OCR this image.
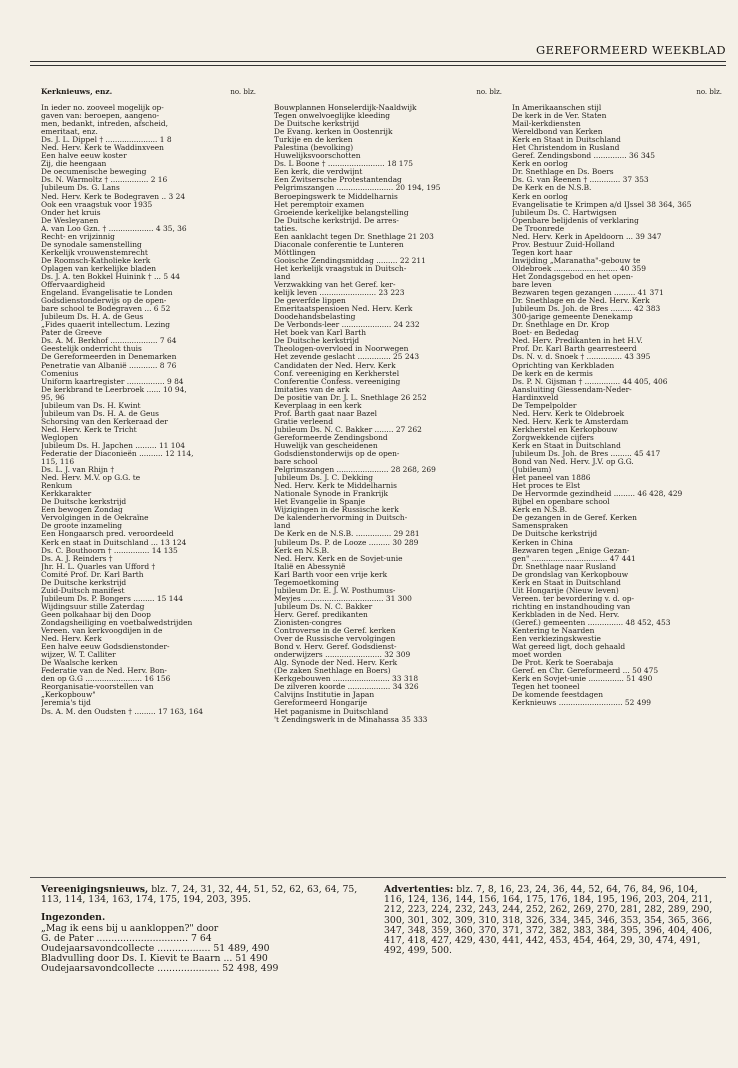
GEREFORMEERD WEEKBLAD
Kerknieuws, enz.	no. blz.
In ieder no. zooveel mogelijk op-
gaven van: beroepen, aangeno-
men, bedankt, intreden, afscheid,
emeritaat, enz.
Ds. J. L. Dippel † ...................... 1 8
Ned. Herv. Kerk te Waddinxveen
Een halve eeuw koster
Zij, die heengaan
De oecumenische beweging
Ds. N. Warmoltz † ................ 2 16
Jubileum Ds. G. Lans
Ned. Herv. Kerk te Bodegraven .. 3 24
Ook een vraagstuk voor 1935
Onder het kruis
De Wesleyanen
A. van Loo Gzn. † ................... 4 35, 36
Recht- en vrijzinnig
De synodale samenstelling
Kerkelijk vrouwenstemrecht
De Roomsch-Katholieke kerk
Oplagen van kerkelijke bladen
Ds. J. A. ten Bokkel Huinink † ... 5 44
Offervaardigheid
Engeland. Evangelisatie te Londen
Godsdienstonderwijs op de open-
bare school te Bodegraven ... 6 52
Jubileum Ds. H. A. de Geus
„Fides quaerit intellectum. Lezing
Pater de Greeve
Ds. A. M. Berkhof .................... 7 64
Geestelijk onderricht thuis
De Gereformeerden in Denemarken
Penetratie van Albanië ............ 8 76
Comenius
Uniform kaartregister ................ 9 84
De kerkbrand te Leerbroek ...... 10 94,
95, 96
Jubileum van Ds. H. Kwint
Jubileum van Ds. H. A. de Geus
Schorsing van den Kerkeraad der
Ned. Herv. Kerk te Tricht
Weglopen
Jubileum Ds. H. Japchen ......... 11 104
Federatie der Diaconieën .......... 12 114,
115, 116
Ds. L. J. van Rhijn †
Ned. Herv. M.V. op G.G. te
Renkum
Kerkkarakter
De Duitsche kerkstrijd
Een bewogen Zondag
Vervolgingen in de Oekraïne
De groote inzameling
Een Hongaarsch pred. veroordeeld
Kerk en staat in Duitschland ... 13 124
Ds. C. Bouthoorn † ............... 14 135
Ds. A. J. Reinders †
Jhr. H. L. Quarles van Ufford †
Comité Prof. Dr. Karl Barth
De Duitsche kerkstrijd
Zuid-Duitsch manifest
Jubileum Ds. P. Bongers ......... 15 144
Wijdingsuur stille Zaterdag
Geen polkahaar bij den Doop
Zondagsheiliging en voetbalwedstrijden
Vereen. van kerkvoogdijen in de
Ned. Herv. Kerk
Een halve eeuw Godsdienstonder-
wijzer, W. T. Calliter
De Waalsche kerken
Federatie van de Ned. Herv. Bon-
den op G.G ........................ 16 156
Reorganisatie-voorstellen van
„Kerkopbouw"
Jeremia's tijd
Ds. A. M. den Oudsten † ......... 17 163, 164
no. blz.
Bouwplannen Honselerdijk-Naaldwijk
Tegen onwelvoeglijke kleeding
De Duitsche kerkstrijd
De Evang. kerken in Oostenrijk
Turkije en de kerken
Palestina (bevolking)
Huwelijksvoorschotten
Ds. L Boone † ........................ 18 175
Een kerk, die verdwijnt
Een Zwitsersche Protestantendag
Pelgrimszangen ........................ 20 194, 195
Beroepingswerk te Middelharnis
Het peremptoir examen
Groeiende kerkelijke belangstelling
De Duitsche kerkstrijd. De arres-
taties.
Een aanklacht tegen Dr. Snethlage 21 203
Diaconale conferentie te Lunteren
Möttlingen
Gooische Zendingsmiddag ......... 22 211
Het kerkelijk vraagstuk in Duitsch-
land
Verzwakking van het Geref. ker-
kelijk leven ........................ 23 223
De geverfde lippen
Emeritaatspensioen Ned. Herv. Kerk
Doodehandsbelasting
De Verbonds-leer ..................... 24 232
Het boek van Karl Barth
De Duitsche kerkstrijd
Theologen-overvloed in Noorwegen
Het zevende geslacht .............. 25 243
Candidaten der Ned. Herv. Kerk
Conf. vereeniging en Kerkherstel
Conferentie Confess. vereeniging
Imitaties van de ark
De positie van Dr. J. L. Snethlage 26 252
Keverplaag in een kerk
Prof. Barth gaat naar Bazel
Gratie verleend
Jubileum Ds. N. C. Bakker ........ 27 262
Gereformeerde Zendingsbond
Huwelijk van gescheidenen
Godsdienstonderwijs op de open-
bare school
Pelgrimszangen ...................... 28 268, 269
Jubileum Ds. J. C. Dekking
Ned. Herv. Kerk te Middelharnis
Nationale Synode in Frankrijk
Het Evangelie in Spanje
Wijzigingen in de Russische kerk
De kalenderhervorming in Duitsch-
land
De Kerk en de N.S.B. ............... 29 281
Jubileum Ds. P. de Looze ......... 30 289
Kerk en N.S.B.
Ned. Herv. Kerk en de Sovjet-unie
Italië en Abessynië
Karl Barth voor een vrije kerk
Tegemoetkoming
Jubileum Dr. E. J. W. Posthumus-
Meyjes .................................. 31 300
Jubileum Ds. N. C. Bakker
Herv. Geref. predikanten
Zionisten-congres
Controverse in de Geref. kerken
Over de Russische vervolgingen
Bond v. Herv. Geref. Godsdienst-
onderwijzers ........................ 32 309
Alg. Synode der Ned. Herv. Kerk
(De zaken Snethlage en Boers)
Kerkgebouwen ........................ 33 318
De zilveren koorde .................. 34 326
Calvijns Institutie in Japan
Gereformeerd Hongarije
Het paganisme in Duitschland
't Zendingswerk in de Minahassa 35 333
no. blz.
In Amerikaanschen stijl
De kerk in de Ver. Staten
Mail-kerkdiensten
Wereldbond van Kerken
Kerk en Staat in Duitschland
Het Christendom in Rusland
Geref. Zendingsbond .............. 36 345
Kerk en oorlog
Dr. Snethlage en Ds. Boers
Ds. G. van Reenen † ............. 37 353
De Kerk en de N.S.B.
Kerk en oorlog
Evangelisatie te Krimpen a/d IJssel 38 364, 365
Jubileum Ds. C. Hartwigsen
Openbare belijdenis of verklaring
De Troonrede
Ned. Herv. Kerk in Apeldoorn ... 39 347
Prov. Bestuur Zuid-Holland
Tegen kort haar
Inwijding „Maranatha"-gebouw te
Oldebroek ........................... 40 359
Het Zondagsgebod en het open-
bare leven
Bezwaren tegen gezangen ......... 41 371
Dr. Snethlage en de Ned. Herv. Kerk
Jubileum Ds. Joh. de Bres ......... 42 383
300-jarige gemeente Denekamp
Dr. Snethlage en Dr. Krop
Boet- en Bededag
Ned. Herv. Predikanten in het H.V.
Prof. Dr. Karl Barth gearresteerd
Ds. N. v. d. Snoek † ............... 43 395
Oprichting van Kerkbladen
De kerk en de kermis
Ds. P. N. Gijsman † ............... 44 405, 406
Aansluiting Giessendam-Neder-
Hardinxveld
De Tempelpolder
Ned. Herv. Kerk te Oldebroek
Ned. Herv. Kerk te Amsterdam
Kerkherstel en Kerkopbouw
Zorgwekkende cijfers
Kerk en Staat in Duitschland
Jubileum Ds. Joh. de Bres ......... 45 417
Bond van Ned. Herv. J.V. op G.G.
(Jubileum)
Het paneel van 1886
Het proces te Elst
De Hervormde gezindheid ......... 46 428, 429
Bijbel en openbare school
Kerk en N.S.B.
De gezangen in de Geref. Kerken
Samenspraken
De Duitsche kerkstrijd
Kerken in China
Bezwaren tegen „Enige Gezan-
gen" ................................ 47 441
Dr. Snethlage naar Rusland
De grondslag van Kerkopbouw
Kerk en Staat in Duitschland
Uit Hongarije (Nieuw leven)
Vereen. ter bevordering v. d. op-
richting en instandhouding van
Kerkbladen in de Ned. Herv.
(Geref.) gemeenten ............... 48 452, 453
Kentering te Naarden
Een verkiezingskwestie
Wat gereed ligt, doch gehaald
moet worden
De Prot. Kerk te Soerabaja
Geref. en Chr. Gereformeerd ... 50 475
Kerk en Sovjet-unie ............... 51 490
Tegen het tooneel
De komende feestdagen
Kerknieuws ........................... 52 499
Vereenigingsnieuws, blz. 7, 24, 31, 32, 44, 51, 52, 62, 63, 64, 75, 113, 114, 134, 163, 174, 175, 194, 203, 395.
Ingezonden.
„Mag ik eens bij u aankloppen?" door
G. de Pater ............................... 7 64
Oudejaarsavondcollecte .................. 51 489, 490
Bladvulling door Ds. I. Kievit te Baarn ... 51 490
Oudejaarsavondcollecte ..................... 52 498, 499
Advertenties: blz. 7, 8, 16, 23, 24, 36, 44, 52, 64, 76, 84, 96, 104, 116, 124, 136, 144, 156, 164, 175, 176, 184, 195, 196, 203, 204, 211, 212, 223, 224, 232, 243, 244, 252, 262, 269, 270, 281, 282, 289, 290, 300, 301, 302, 309, 310, 318, 326, 334, 345, 346, 353, 354, 365, 366, 347, 348, 359, 360, 370, 371, 372, 382, 383, 384, 395, 396, 404, 406, 417, 418, 427, 429, 430, 441, 442, 453, 454, 464, 29, 30, 474, 491, 492, 499, 500.
